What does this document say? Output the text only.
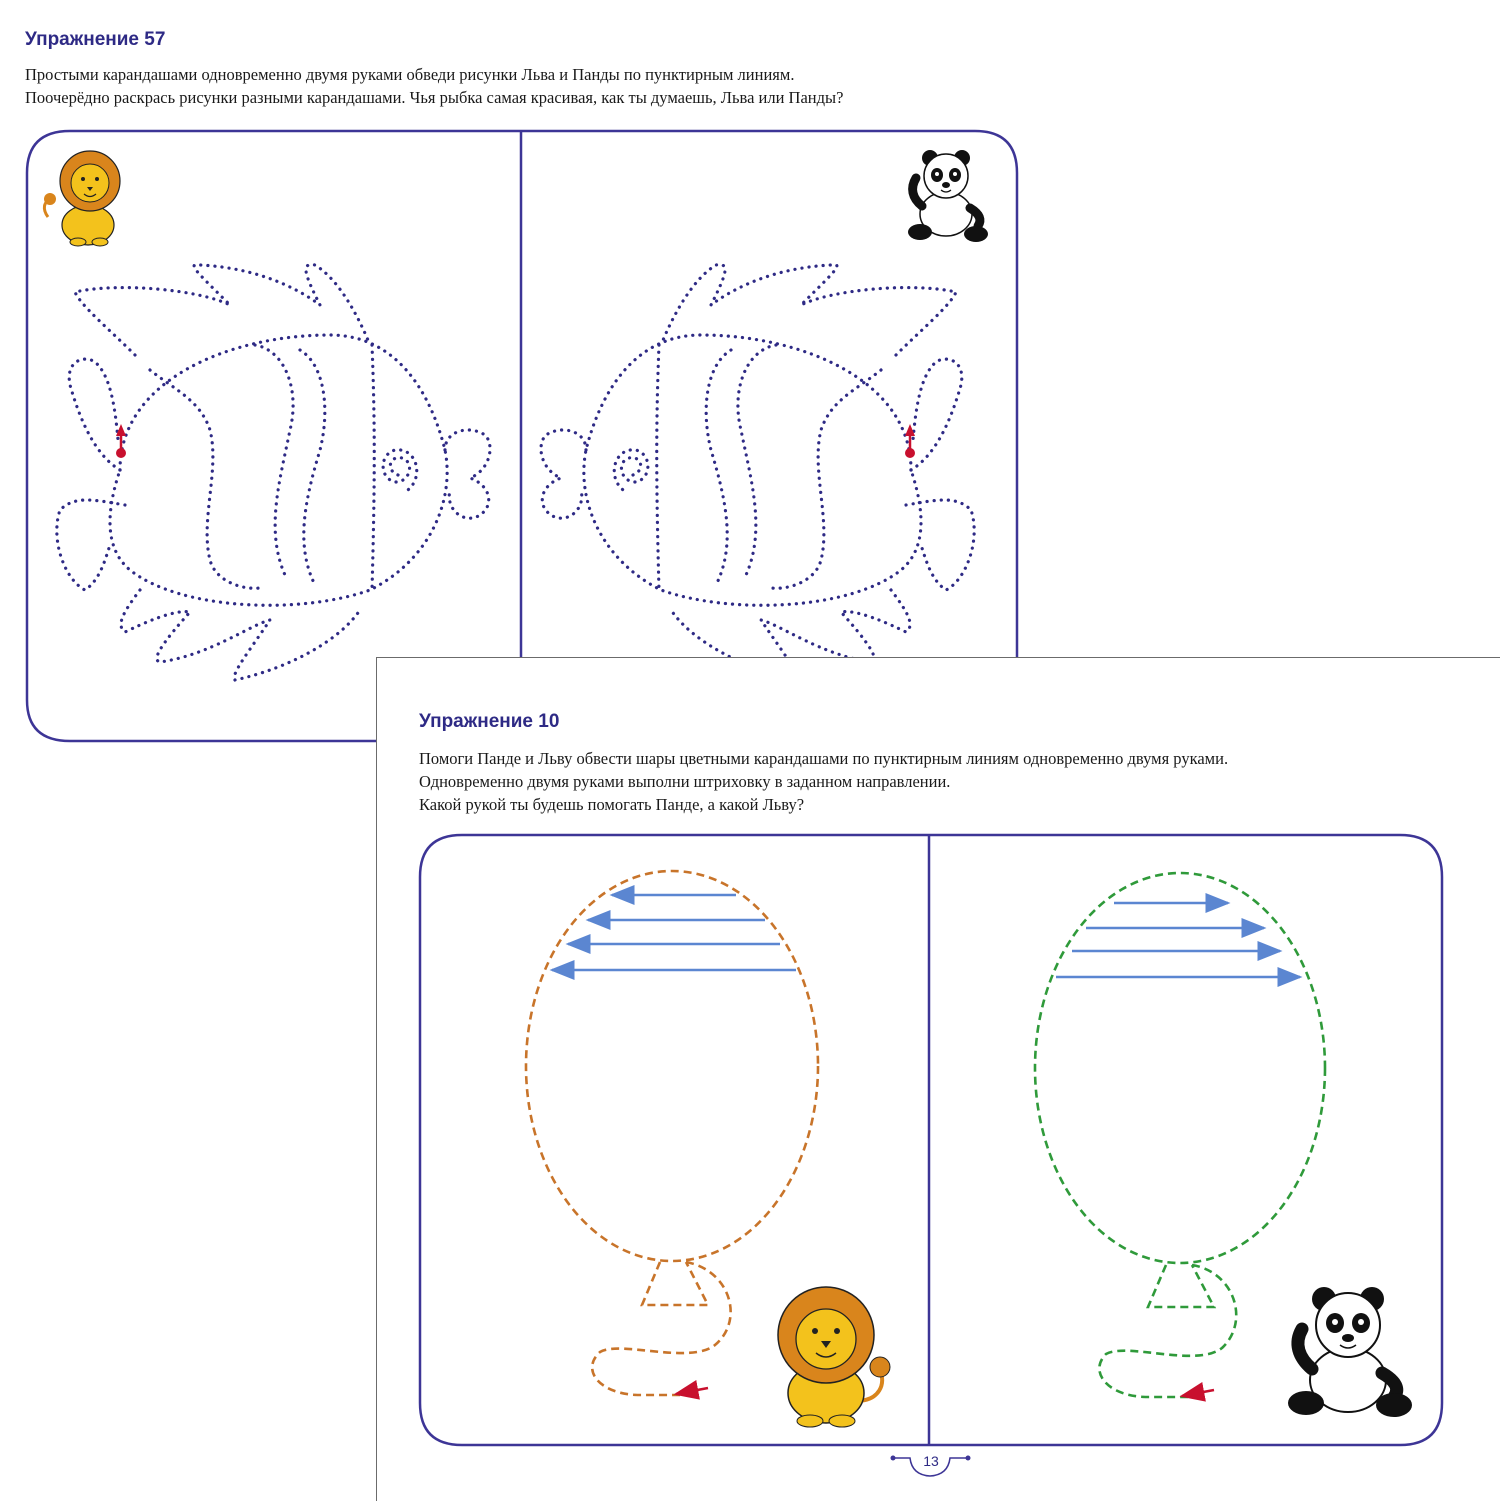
Упражнение 57

Простыми карандашами одновременно двумя руками обведи рисунки Льва и Панды по пунктирным линиям.
Поочерёдно раскрась рисунки разными карандашами. Чья рыбка самая красивая, как ты думаешь, Льва или Панды?

Упражнение 10

Помоги Панде и Льву обвести шары цветными карандашами по пунктирным линиям одновременно двумя руками.
Одновременно двумя руками выполни штриховку в заданном направлении.
Какой рукой ты будешь помогать Панде, а какой Льву?

13
